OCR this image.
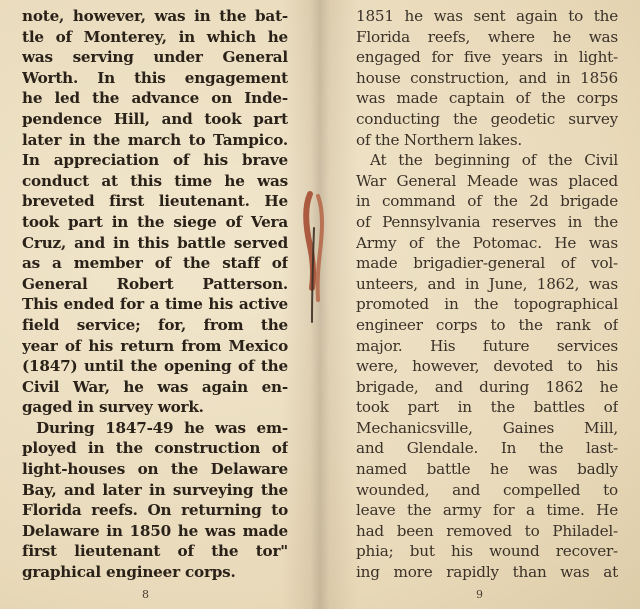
note, however, was in the bat-
tle of Monterey, in which he
was serving under General
Worth. In this engagement
he led the advance on Inde-
pendence Hill, and took part
later in the march to Tampico.
In appreciation of his brave
conduct at this time he was
breveted first lieutenant. He
took part in the siege of Vera
Cruz, and in this battle served
as a member of the staff of
General Robert Patterson.
This ended for a time his active
field service; for, from the
year of his return from Mexico
(1847) until the opening of the
Civil War, he was again en-
gaged in survey work.
During 1847-49 he was em-
ployed in the construction of
light-houses on the Delaware
Bay, and later in surveying the
Florida reefs. On returning to
Delaware in 1850 he was made
first lieutenant of the tor"
graphical engineer corps.
1851 he was sent again to the
Florida reefs, where he was
engaged for five years in light-
house construction, and in 1856
was made captain of the corps
conducting the geodetic survey
of the Northern lakes.
At the beginning of the Civil
War General Meade was placed
in command of the 2d brigade
of Pennsylvania reserves in the
Army of the Potomac. He was
made brigadier-general of vol-
unteers, and in June, 1862, was
promoted in the topographical
engineer corps to the rank of
major. His future services
were, however, devoted to his
brigade, and during 1862 he
took part in the battles of
Mechanicsville, Gaines Mill,
and Glendale. In the last-
named battle he was badly
wounded, and compelled to
leave the army for a time. He
had been removed to Philadel-
phia; but his wound recover-
ing more rapidly than was at
8	9
